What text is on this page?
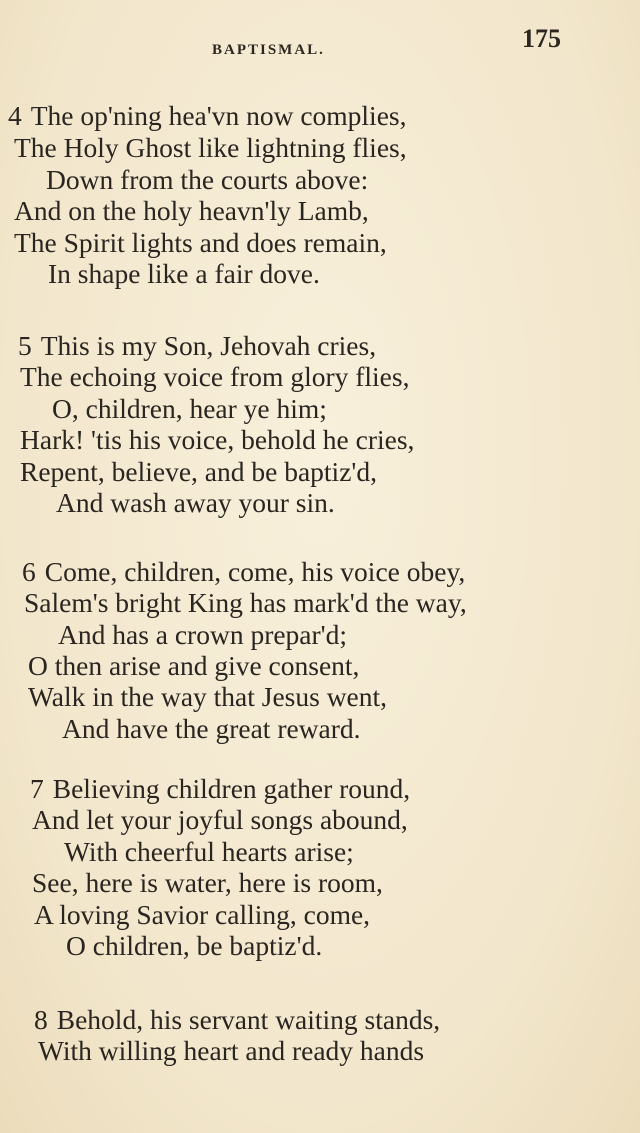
BAPTISMAL.	175
4 The op'ning hea'vn now complies,
The Holy Ghost like lightning flies,
Down from the courts above:
And on the holy heavn'ly Lamb,
The Spirit lights and does remain,
In shape like a fair dove.
5 This is my Son, Jehovah cries,
The echoing voice from glory flies,
O, children, hear ye him;
Hark! 'tis his voice, behold he cries,
Repent, believe, and be baptiz'd,
And wash away your sin.
6 Come, children, come, his voice obey,
Salem's bright King has mark'd the way,
And has a crown prepar'd;
O then arise and give consent,
Walk in the way that Jesus went,
And have the great reward.
7 Believing children gather round,
And let your joyful songs abound,
With cheerful hearts arise;
See, here is water, here is room,
A loving Savior calling, come,
O children, be baptiz'd.
8 Behold, his servant waiting stands,
With willing heart and ready hands
